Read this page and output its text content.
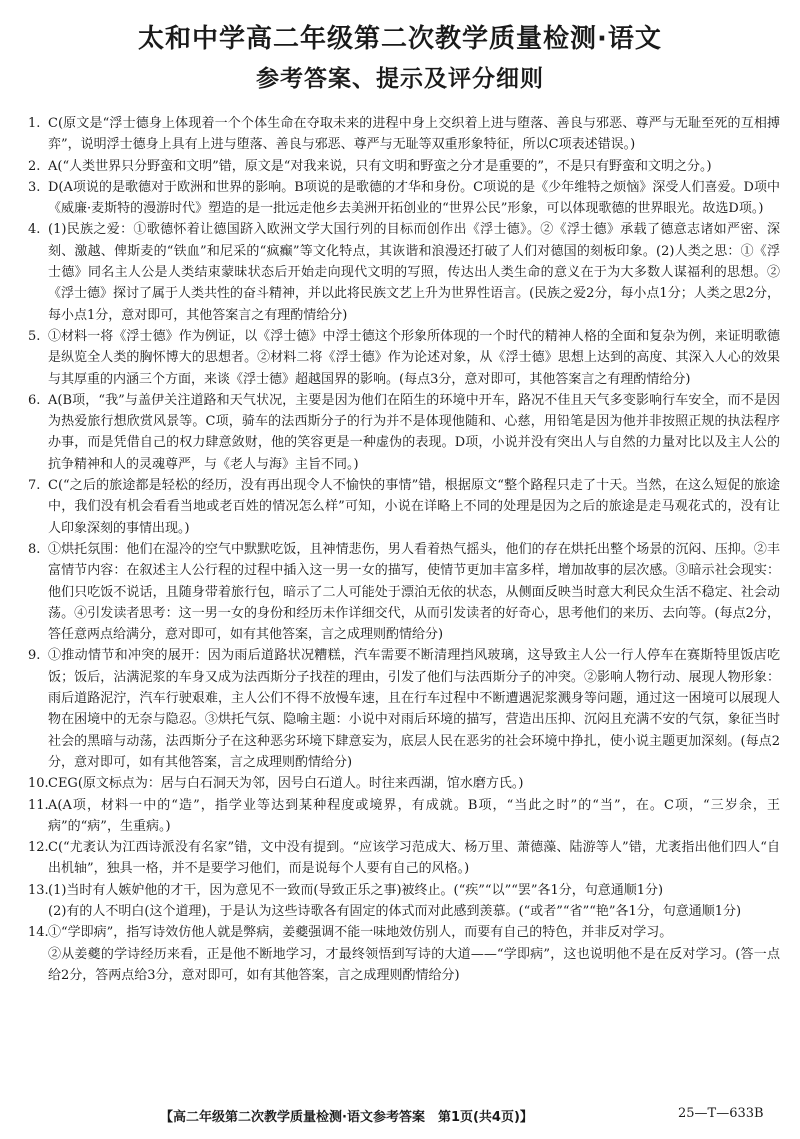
太和中学高二年级第二次教学质量检测·语文
参考答案、提示及评分细则
1. C(原文是“浮士德身上体现着一个个体生命在夺取未来的进程中身上交织着上进与堕落、善良与邪恶、尊严与无耻至死的互相搏弈”，说明浮士德身上具有上进与堕落、善良与邪恶、尊严与无耻等双重形象特征，所以C项表述错误。)
2. A(“人类世界只分野蛮和文明”错，原文是“对我来说，只有文明和野蛮之分才是重要的”，不是只有野蛮和文明之分。)
3. D(A项说的是歌德对于欧洲和世界的影响。B项说的是歌德的才华和身份。C项说的是《少年维特之烦恼》深受人们喜爱。D项中《威廉·麦斯特的漫游时代》塑造的是一批远走他乡去美洲开拓创业的“世界公民”形象，可以体现歌德的世界眼光。故选D项。)
4. (1)民族之爱：①歌德怀着让德国跻入欧洲文学大国行列的目标而创作出《浮士德》。②《浮士德》承载了德意志诸如严密、深刻、激越、俾斯麦的“铁血”和尼采的“疯癫”等文化特点，其诙谐和浪漫还打破了人们对德国的刻板印象。(2)人类之思：①《浮士德》同名主人公是人类结束蒙昧状态后开始走向现代文明的写照，传达出人类生命的意义在于为大多数人谋福利的思想。②《浮士德》探讨了属于人类共性的奋斗精神，并以此将民族文艺上升为世界性语言。(民族之爱2分，每小点1分；人类之思2分，每小点1分，意对即可，其他答案言之有理酌情给分)
5. ①材料一将《浮士德》作为例证，以《浮士德》中浮士德这个形象所体现的一个时代的精神人格的全面和复杂为例，来证明歌德是纵览全人类的胸怀博大的思想者。②材料二将《浮士德》作为论述对象，从《浮士德》思想上达到的高度、其深入人心的效果与其厚重的内涵三个方面，来谈《浮士德》超越国界的影响。(每点3分，意对即可，其他答案言之有理酌情给分)
6. A(B项，“我”与盖伊关注道路和天气状况，主要是因为他们在陌生的环境中开车，路况不佳且天气多变影响行车安全，而不是因为热爱旅行想欣赏风景等。C项，骑车的法西斯分子的行为并不是体现他随和、心慈，用铅笔是因为他并非按照正规的执法程序办事，而是凭借自己的权力肆意敛财，他的笑容更是一种虚伪的表现。D项，小说并没有突出人与自然的力量对比以及主人公的抗争精神和人的灵魂尊严，与《老人与海》主旨不同。)
7. C(“之后的旅途都是轻松的经历，没有再出现令人不愉快的事情”错，根据原文“整个路程只走了十天。当然，在这么短促的旅途中，我们没有机会看看当地或老百姓的情况怎么样”可知，小说在详略上不同的处理是因为之后的旅途是走马观花式的，没有让人印象深刻的事情出现。)
8. ①烘托氛围：他们在湿冷的空气中默默吃饭，且神情悲伤，男人看着热气摇头，他们的存在烘托出整个场景的沉闷、压抑。②丰富情节内容：在叙述主人公行程的过程中插入这一男一女的描写，使情节更加丰富多样，增加故事的层次感。③暗示社会现实：他们只吃饭不说话，且随身带着旅行包，暗示了二人可能处于漂泊无依的状态，从侧面反映当时意大利民众生活不稳定、社会动荡。④引发读者思考：这一男一女的身份和经历未作详细交代，从而引发读者的好奇心，思考他们的来历、去向等。(每点2分，答任意两点给满分，意对即可，如有其他答案，言之成理则酌情给分)
9. ①推动情节和冲突的展开：因为雨后道路状况糟糕，汽车需要不断清理挡风玻璃，这导致主人公一行人停车在赛斯特里饭店吃饭；饭后，沾满泥浆的车身又成为法西斯分子找茬的理由，引发了他们与法西斯分子的冲突。②影响人物行动、展现人物形象：雨后道路泥泞，汽车行驶艰难，主人公们不得不放慢车速，且在行车过程中不断遭遇泥浆溅身等问题，通过这一困境可以展现人物在困境中的无奈与隐忍。③烘托气氛、隐喻主题：小说中对雨后环境的描写，营造出压抑、沉闷且充满不安的气氛，象征当时社会的黑暗与动荡，法西斯分子在这种恶劣环境下肆意妄为，底层人民在恶劣的社会环境中挣扎，使小说主题更加深刻。(每点2分，意对即可，如有其他答案，言之成理则酌情给分)
10. CEG(原文标点为：居与白石洞天为邻，因号白石道人。时往来西湖，馆水磨方氏。)
11. A(A项，材料一中的“造”，指学业等达到某种程度或境界，有成就。B项，“当此之时”的“当”，在。C项，“三岁余，王病”的“病”，生重病。)
12. C(“尤袤认为江西诗派没有名家”错，文中没有提到。“应该学习范成大、杨万里、萧德藻、陆游等人”错，尤袤指出他们四人“自出机轴”，独具一格，并不是要学习他们，而是说每个人要有自己的风格。)
13. (1)当时有人嫉妒他的才干，因为意见不一致而(导致正乐之事)被终止。(“疾”“以”“罢”各1分，句意通顺1分)
(2)有的人不明白(这个道理)，于是认为这些诗歌各有固定的体式而对此感到羡慕。(“或者”“省”“艳”各1分，句意通顺1分)
14. ①“学即病”，指写诗效仿他人就是弊病，姜夔强调不能一味地效仿别人，而要有自己的特色，并非反对学习。
②从姜夔的学诗经历来看，正是他不断地学习，才最终领悟到写诗的大道——“学即病”，这也说明他不是在反对学习。(答一点给2分，答两点给3分，意对即可，如有其他答案，言之成理则酌情给分)
【高二年级第二次教学质量检测·语文参考答案　第1页(共4页)】	25—T—633B
